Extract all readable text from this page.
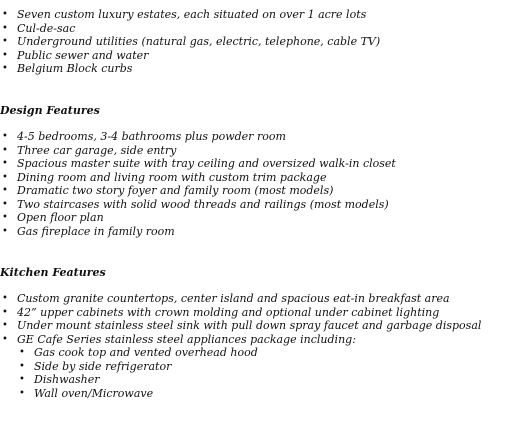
• Seven custom luxury estates, each situated on over 1 acre lots
• Cul-de-sac
• Underground utilities (natural gas, electric, telephone, cable TV)
• Public sewer and water
• Belgium Block curbs
Design Features
• 4-5 bedrooms, 3-4 bathrooms plus powder room
• Three car garage, side entry
• Spacious master suite with tray ceiling and oversized walk-in closet
• Dining room and living room with custom trim package
• Dramatic two story foyer and family room (most models)
• Two staircases with solid wood threads and railings (most models)
• Open floor plan
• Gas fireplace in family room
Kitchen Features
• Custom granite countertops, center island and spacious eat-in breakfast area
• 42” upper cabinets with crown molding and optional under cabinet lighting
• Under mount stainless steel sink with pull down spray faucet and garbage disposal
• GE Cafe Series stainless steel appliances package including:
• Gas cook top and vented overhead hood
• Side by side refrigerator
• Dishwasher
• Wall oven/Microwave
